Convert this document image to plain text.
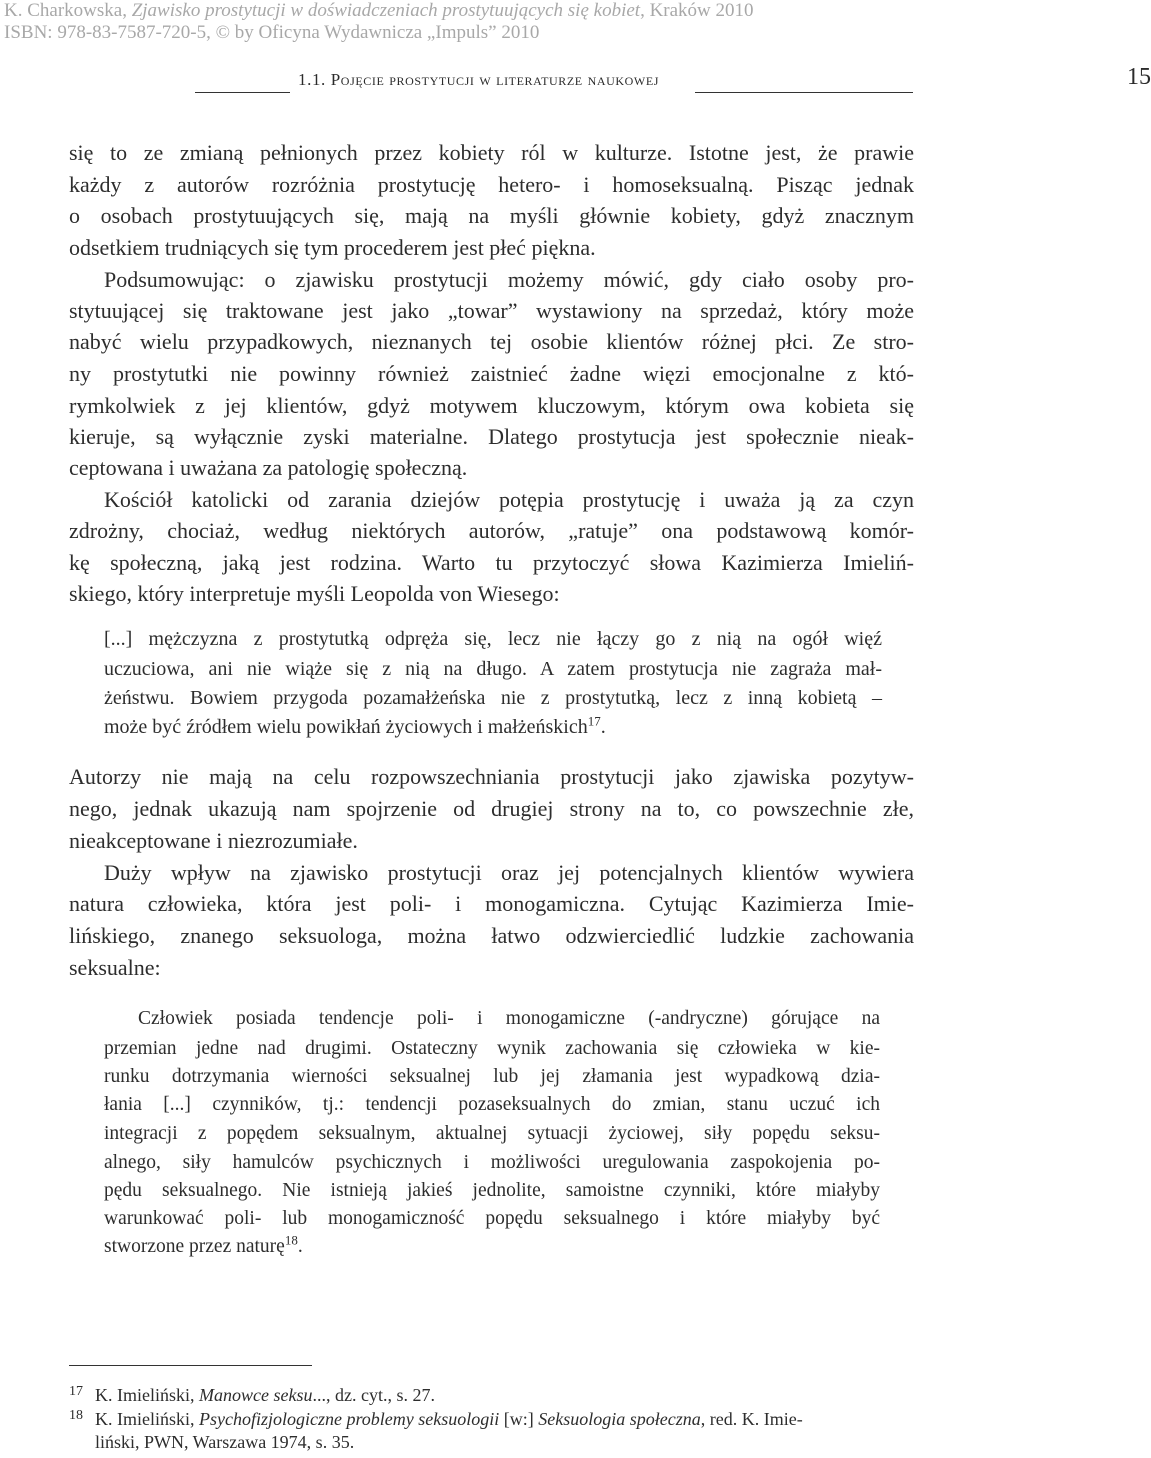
K. Charkowska, Zjawisko prostytucji w doświadczeniach prostytuujących się kobiet, Kraków 2010
ISBN: 978-83-7587-720-5, © by Oficyna Wydawnicza „Impuls” 2010
1.1. Pojęcie prostytucji w literaturze naukowej	15
się to ze zmianą pełnionych przez kobiety ról w kulturze. Istotne jest, że prawie
każdy z autorów rozróżnia prostytucję hetero- i homoseksualną. Pisząc jednak
o osobach prostytuujących się, mają na myśli głównie kobiety, gdyż znacznym
odsetkiem trudniących się tym procederem jest płeć piękna.
Podsumowując: o zjawisku prostytucji możemy mówić, gdy ciało osoby pro-
stytuującej się traktowane jest jako „towar” wystawiony na sprzedaż, który może
nabyć wielu przypadkowych, nieznanych tej osobie klientów różnej płci. Ze stro-
ny prostytutki nie powinny również zaistnieć żadne więzi emocjonalne z któ-
rymkolwiek z jej klientów, gdyż motywem kluczowym, którym owa kobieta się
kieruje, są wyłącznie zyski materialne. Dlatego prostytucja jest społecznie nieak-
ceptowana i uważana za patologię społeczną.
Kościół katolicki od zarania dziejów potępia prostytucję i uważa ją za czyn
zdrożny, chociaż, według niektórych autorów, „ratuje” ona podstawową komór-
kę społeczną, jaką jest rodzina. Warto tu przytoczyć słowa Kazimierza Imieliń-
skiego, który interpretuje myśli Leopolda von Wiesego:
[...] mężczyzna z prostytutką odpręża się, lecz nie łączy go z nią na ogół więź
uczuciowa, ani nie wiąże się z nią na długo. A zatem prostytucja nie zagraża mał-
żeństwu. Bowiem przygoda pozamałżeńska nie z prostytutką, lecz z inną kobietą –
może być źródłem wielu powikłań życiowych i małżeńskich$^{17}$.
Autorzy nie mają na celu rozpowszechniania prostytucji jako zjawiska pozytyw-
nego, jednak ukazują nam spojrzenie od drugiej strony na to, co powszechnie złe,
nieakceptowane i niezrozumiałe.
Duży wpływ na zjawisko prostytucji oraz jej potencjalnych klientów wywiera
natura człowieka, która jest poli- i monogamiczna. Cytując Kazimierza Imie-
lińskiego, znanego seksuologa, można łatwo odzwierciedlić ludzkie zachowania
seksualne:
Człowiek posiada tendencje poli- i monogamiczne (-andryczne) górujące na
przemian jedne nad drugimi. Ostateczny wynik zachowania się człowieka w kie-
runku dotrzymania wierności seksualnej lub jej złamania jest wypadkową dzia-
łania [...] czynników, tj.: tendencji pozaseksualnych do zmian, stanu uczuć ich
integracji z popędem seksualnym, aktualnej sytuacji życiowej, siły popędu seksu-
alnego, siły hamulców psychicznych i możliwości uregulowania zaspokojenia po-
pędu seksualnego. Nie istnieją jakieś jednolite, samoistne czynniki, które miałyby
warunkować poli- lub monogamiczność popędu seksualnego i które miałyby być
stworzone przez naturę$^{18}$.
17 K. Imieliński, Manowce seksu..., dz. cyt., s. 27.
18 K. Imieliński, Psychofizjologiczne problemy seksuologii [w:] Seksuologia społeczna, red. K. Imie-
liński, PWN, Warszawa 1974, s. 35.
